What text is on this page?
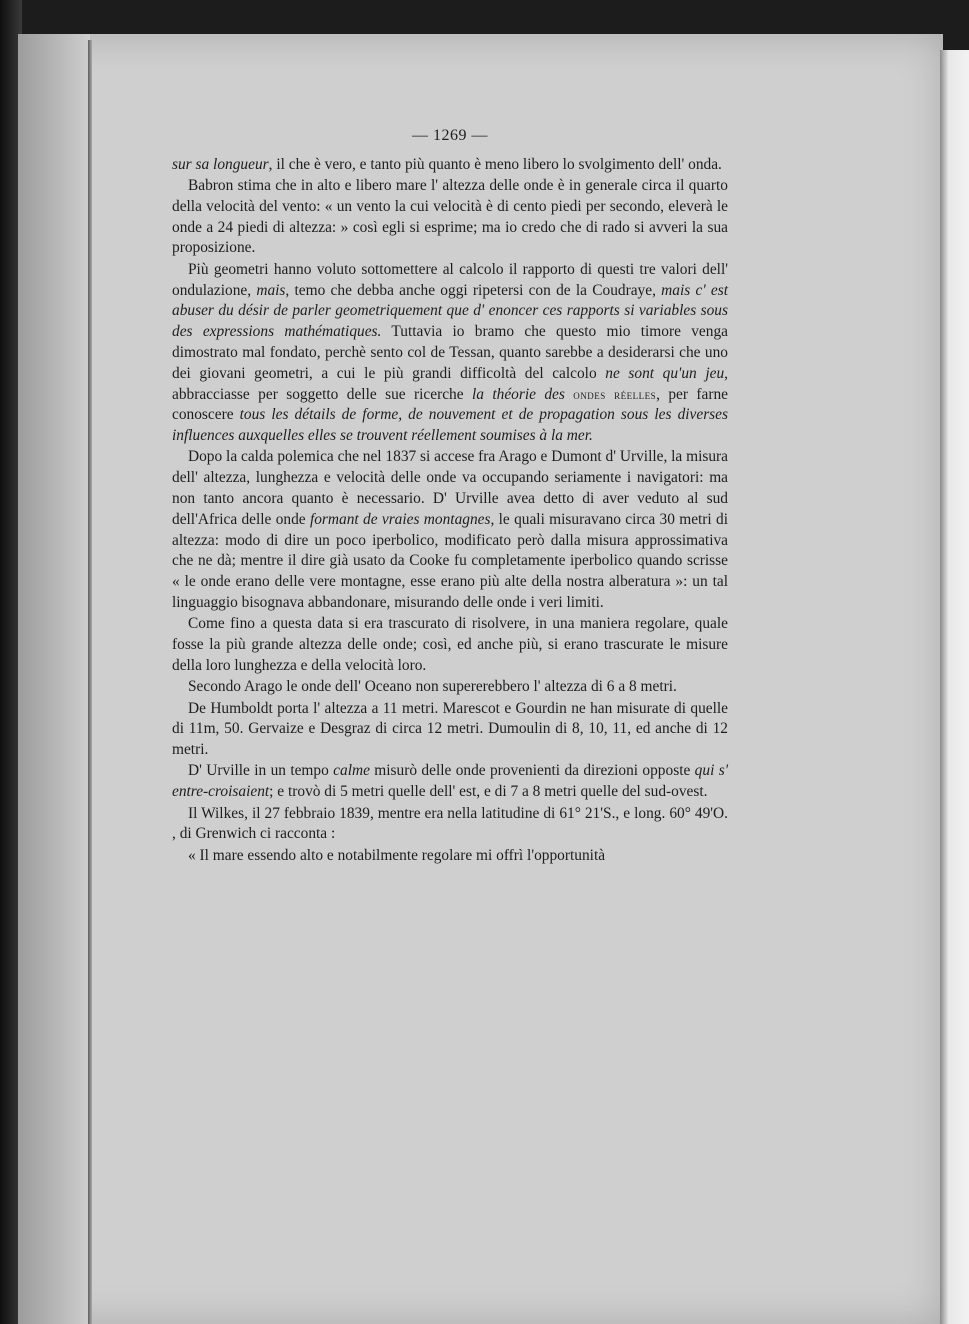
— 1269 —

sur sa longueur, il che è vero, e tanto più quanto è meno libero lo svolgimento dell' onda.

Babron stima che in alto e libero mare l' altezza delle onde è in generale circa il quarto della velocità del vento: « un vento la cui velocità è di cento piedi per secondo, eleverà le onde a 24 piedi di altezza: » così egli si esprime; ma io credo che di rado si avveri la sua proposizione.

Più geometri hanno voluto sottomettere al calcolo il rapporto di questi tre valori dell' ondulazione, mais, temo che debba anche oggi ripetersi con de la Coudraye, mais c' est abuser du désir de parler geometriquement que d' enoncer ces rapports si variables sous des expressions mathématiques. Tuttavia io bramo che questo mio timore venga dimostrato mal fondato, perchè sento col de Tessan, quanto sarebbe a desiderarsi che uno dei giovani geometri, a cui le più grandi difficoltà del calcolo ne sont qu'un jeu, abbracciasse per soggetto delle sue ricerche la théorie des ondes réelles, per farne conoscere tous les détails de forme, de nouvement et de propagation sous les diverses influences auxquelles elles se trouvent réellement soumises à la mer.

Dopo la calda polemica che nel 1837 si accese fra Arago e Dumont d' Urville, la misura dell' altezza, lunghezza e velocità delle onde va occupando seriamente i navigatori: ma non tanto ancora quanto è necessario. D' Urville avea detto di aver veduto al sud dell'Africa delle onde formant de vraies montagnes, le quali misuravano circa 30 metri di altezza: modo di dire un poco iperbolico, modificato però dalla misura approssimativa che ne dà; mentre il dire già usato da Cooke fu completamente iperbolico quando scrisse « le onde erano delle vere montagne, esse erano più alte della nostra alberatura »: un tal linguaggio bisognava abbandonare, misurando delle onde i veri limiti.

Come fino a questa data si era trascurato di risolvere, in una maniera regolare, quale fosse la più grande altezza delle onde; così, ed anche più, si erano trascurate le misure della loro lunghezza e della velocità loro.

Secondo Arago le onde dell' Oceano non supererebbero l' altezza di 6 a 8 metri.

De Humboldt porta l' altezza a 11 metri. Marescot e Gourdin ne han misurate di quelle di 11m, 50. Gervaize e Desgraz di circa 12 metri. Dumoulin di 8, 10, 11, ed anche di 12 metri.

D' Urville in un tempo calme misurò delle onde provenienti da direzioni opposte qui s' entre-croisaient; e trovò di 5 metri quelle dell' est, e di 7 a 8 metri quelle del sud-ovest.

Il Wilkes, il 27 febbraio 1839, mentre era nella latitudine di 61° 21'S., e long. 60° 49'O. , di Grenwich ci racconta :

« Il mare essendo alto e notabilmente regolare mi offrì l'opportunità
